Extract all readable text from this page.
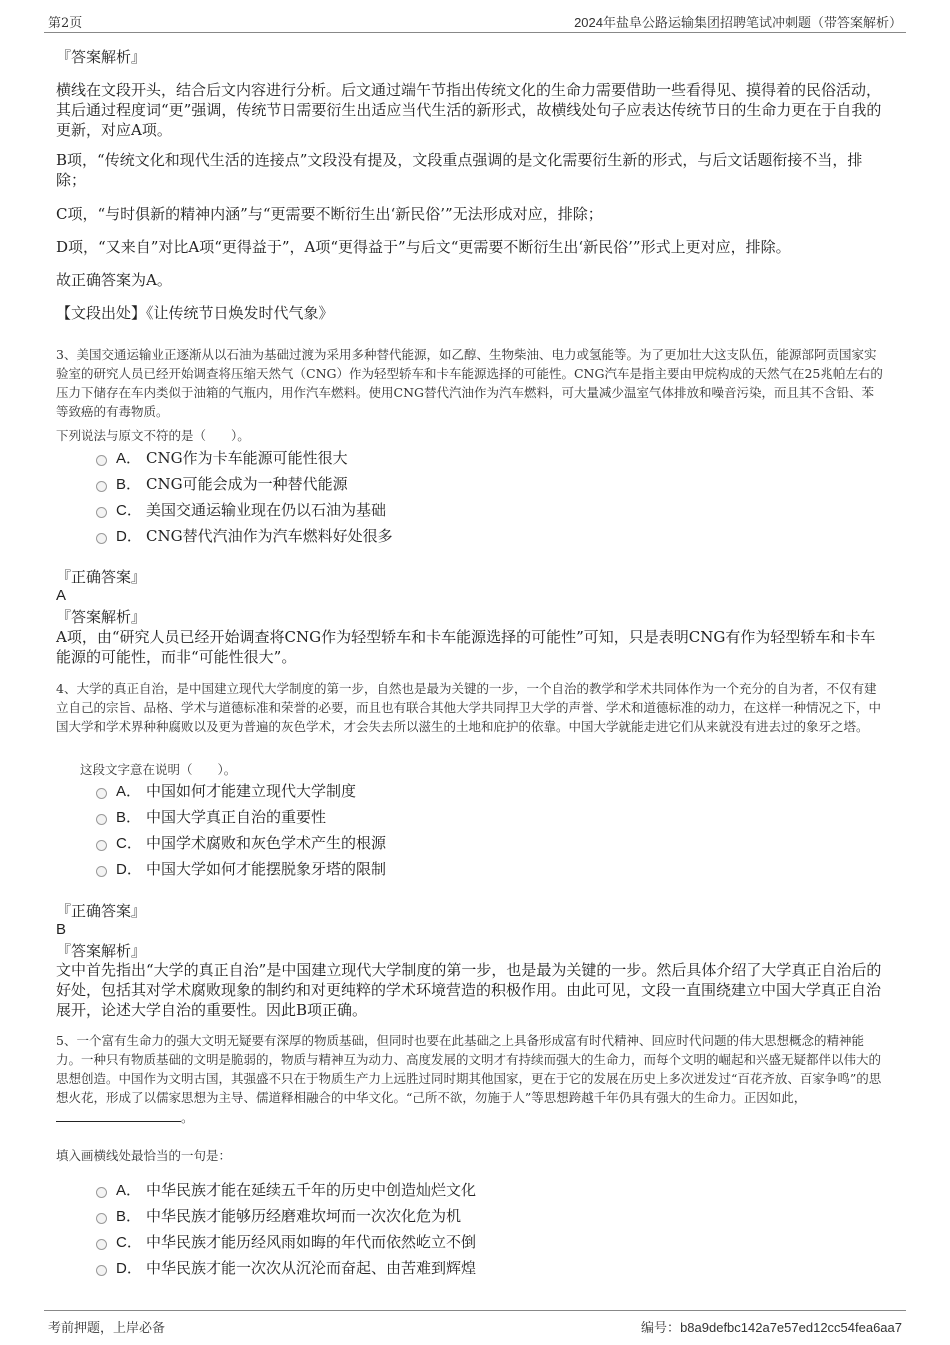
第2页	2024年盐阜公路运输集团招聘笔试冲刺题（带答案解析）
『答案解析』
横线在文段开头，结合后文内容进行分析。后文通过端午节指出传统文化的生命力需要借助一些看得见、摸得着的民俗活动，其后通过程度词“更”强调，传统节日需要衍生出适应当代生活的新形式，故横线处句子应表达传统节日的生命力更在于自我的更新，对应A项。
B项，“传统文化和现代生活的连接点”文段没有提及，文段重点强调的是文化需要衍生新的形式，与后文话题衔接不当，排除；
C项，“与时俱新的精神内涵”与“更需要不断衍生出‘新民俗’”无法形成对应，排除；
D项，“又来自”对比A项“更得益于”，A项“更得益于”与后文“更需要不断衍生出‘新民俗’”形式上更对应，排除。
故正确答案为A。
【文段出处】《让传统节日焕发时代气象》
3、美国交通运输业正逐渐从以石油为基础过渡为采用多种替代能源，如乙醇、生物柴油、电力或氢能等。为了更加壮大这支队伍，能源部阿贡国家实验室的研究人员已经开始调查将压缩天然气（CNG）作为轻型轿车和卡车能源选择的可能性。CNG汽车是指主要由甲烷构成的天然气在25兆帕左右的压力下储存在车内类似于油箱的气瓶内，用作汽车燃料。使用CNG替代汽油作为汽车燃料，可大量减少温室气体排放和噪音污染，而且其不含铅、苯等致癌的有毒物质。
下列说法与原文不符的是（　　）。
A． CNG作为卡车能源可能性很大
B． CNG可能会成为一种替代能源
C． 美国交通运输业现在仍以石油为基础
D． CNG替代汽油作为汽车燃料好处很多
『正确答案』
A
『答案解析』
A项，由“研究人员已经开始调查将CNG作为轻型轿车和卡车能源选择的可能性”可知，只是表明CNG有作为轻型轿车和卡车能源的可能性，而非“可能性很大”。
4、大学的真正自治，是中国建立现代大学制度的第一步，自然也是最为关键的一步，一个自治的教学和学术共同体作为一个充分的自为者，不仅有建立自己的宗旨、品格、学术与道德标准和荣誉的必要，而且也有联合其他大学共同捍卫大学的声誉、学术和道德标准的动力，在这样一种情况之下，中国大学和学术界种种腐败以及更为普遍的灰色学术，才会失去所以滋生的土地和庇护的依靠。中国大学就能走进它们从来就没有进去过的象牙之塔。
这段文字意在说明（　　）。
A． 中国如何才能建立现代大学制度
B． 中国大学真正自治的重要性
C． 中国学术腐败和灰色学术产生的根源
D． 中国大学如何才能摆脱象牙塔的限制
『正确答案』
B
『答案解析』
文中首先指出“大学的真正自治”是中国建立现代大学制度的第一步，也是最为关键的一步。然后具体介绍了大学真正自治后的好处，包括其对学术腐败现象的制约和对更纯粹的学术环境营造的积极作用。由此可见，文段一直围绕建立中国大学真正自治展开，论述大学自治的重要性。因此B项正确。
5、一个富有生命力的强大文明无疑要有深厚的物质基础，但同时也要在此基础之上具备形成富有时代精神、回应时代问题的伟大思想概念的精神能力。一种只有物质基础的文明是脆弱的，物质与精神互为动力、高度发展的文明才有持续而强大的生命力，而每个文明的崛起和兴盛无疑都伴以伟大的思想创造。中国作为文明古国，其强盛不只在于物质生产力上远胜过同时期其他国家，更在于它的发展在历史上多次迸发过“百花齐放、百家争鸣”的思想火花，形成了以儒家思想为主导、儒道释相融合的中华文化。“己所不欲，勿施于人”等思想跨越千年仍具有强大的生命力。正因如此，。
填入画横线处最恰当的一句是：
A． 中华民族才能在延续五千年的历史中创造灿烂文化
B． 中华民族才能够历经磨难坎坷而一次次化危为机
C． 中华民族才能历经风雨如晦的年代而依然屹立不倒
D． 中华民族才能一次次从沉沦而奋起、由苦难到辉煌
考前押题，上岸必备	编号：b8a9defbc142a7e57ed12cc54fea6aa7
